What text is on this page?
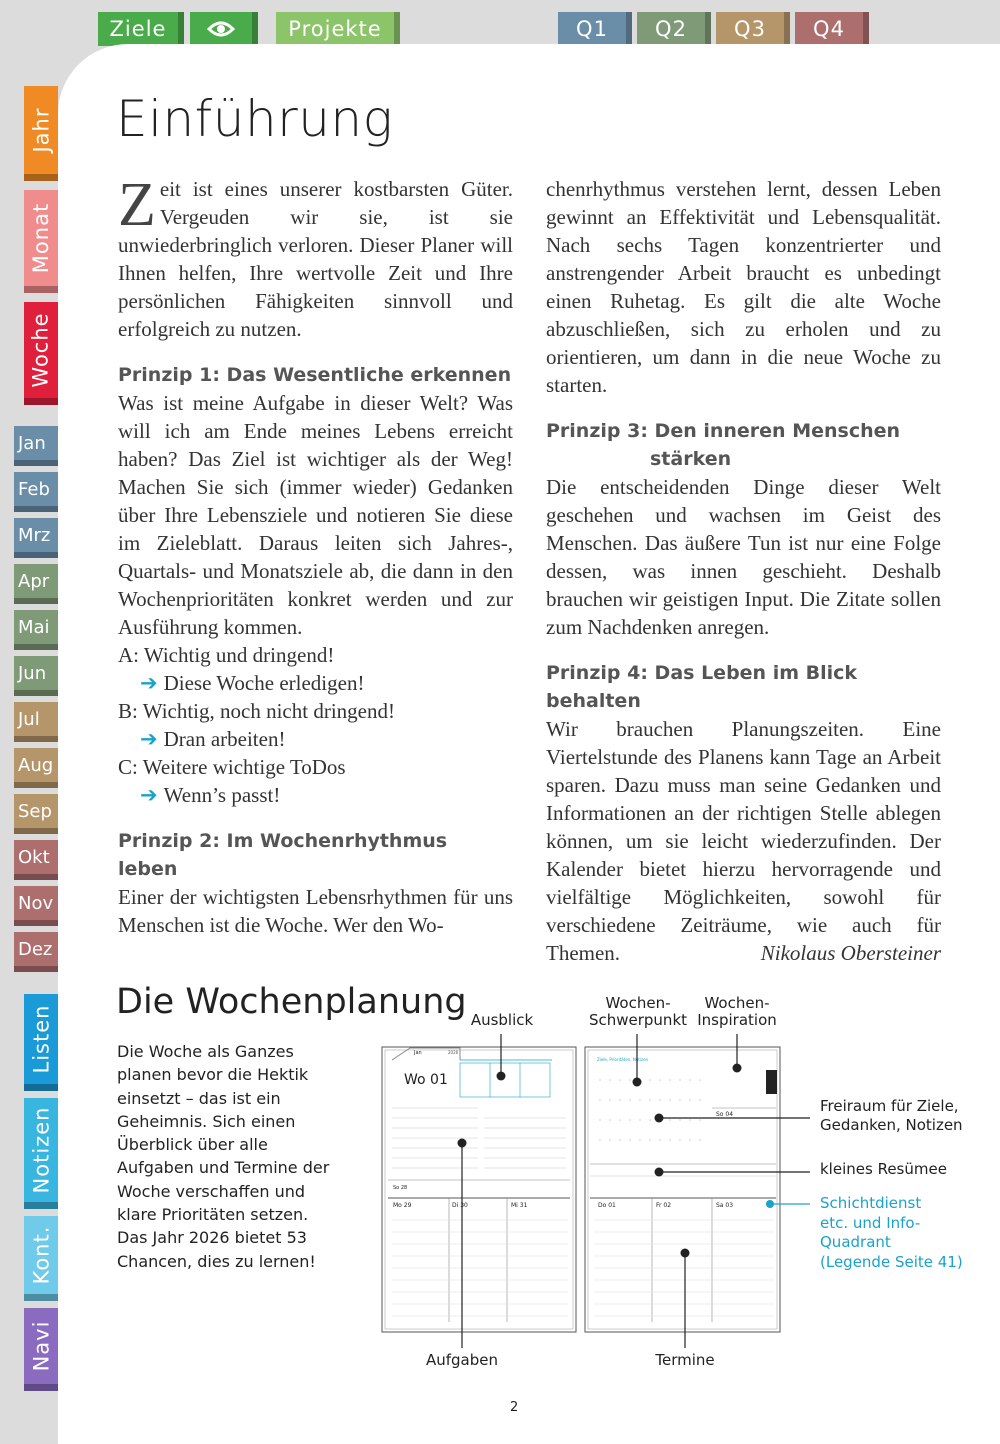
Ziele	Projekte	Q1	Q2	Q3	Q4
Jahr
Monat
Woche
Jan
Feb
Mrz
Apr
Mai
Jun
Jul
Aug
Sep
Okt
Nov
Dez
Listen
Notizen
Kont.
Navi
Einführung

Zeit ist eines unserer kostbarsten Güter. Vergeuden wir sie, ist sie unwiederbringlich verloren. Dieser Planer will Ihnen helfen, Ihre wertvolle Zeit und Ihre persönlichen Fähigkeiten sinnvoll und erfolgreich zu nutzen.

Prinzip 1: Das Wesentliche erkennen

Was ist meine Aufgabe in dieser Welt? Was will ich am Ende meines Lebens erreicht haben? Das Ziel ist wichtiger als der Weg! Machen Sie sich (immer wieder) Gedanken über Ihre Lebensziele und notieren Sie diese im Zieleblatt. Daraus leiten sich Jahres-, Quartals- und Monatsziele ab, die dann in den Wochenprioritäten konkret werden und zur Ausführung kommen.

A: Wichtig und dringend!

➔ Diese Woche erledigen!

B: Wichtig, noch nicht dringend!

➔ Dran arbeiten!

C: Weitere wichtige ToDos

➔ Wenn’s passt!

Prinzip 2: Im Wochenrhythmus leben

Einer der wichtigsten Lebensrhythmen für uns Menschen ist die Woche. Wer den Wo-

chenrhythmus verstehen lernt, dessen Leben gewinnt an Effektivität und Lebensqualität. Nach sechs Tagen konzentrierter und anstrengender Arbeit braucht es unbedingt einen Ruhetag. Es gilt die alte Woche abzuschließen, sich zu erholen und zu orientieren, um dann in die neue Woche zu starten.

Prinzip 3: Den inneren Menschen
stärken

Die entscheidenden Dinge dieser Welt geschehen und wachsen im Geist des Menschen. Das äußere Tun ist nur eine Folge dessen, was innen geschieht. Deshalb brauchen wir geistigen Input. Die Zitate sollen zum Nachdenken anregen.

Prinzip 4: Das Leben im Blick behalten

Wir brauchen Planungszeiten. Eine Viertelstunde des Planens kann Tage an Arbeit sparen. Dazu muss man seine Gedanken und Informationen an der richtigen Stelle ablegen können, um sie leicht wiederzufinden. Der Kalender bietet hierzu hervorragende und vielfältige Möglichkeiten, sowohl für verschiedene Zeiträume, wie auch für Themen.	Nikolaus Obersteiner

Die Wochenplanung

Die Woche als Ganzes planen bevor die Hektik einsetzt – das ist ein Geheimnis. Sich einen Überblick über alle Aufgaben und Termine der Woche verschaffen und klare Prioritäten setzen.

Das Jahr 2026 bietet 53 Chancen, dies zu lernen!

Wo 01
Jan	2026
So 28
Mo 29	Di 30	Mi 31
Ziele, Prioritäten, Notizen
So 04
Do 01	Fr 02	Sa 03
Ausblick
Wochen-
Schwerpunkt
Wochen-
Inspiration
Freiraum für Ziele,
Gedanken, Notizen
kleines Resümee
Schichtdienst
etc. und Info-
Quadrant
(Legende Seite 41)
Aufgaben	Termine
2
